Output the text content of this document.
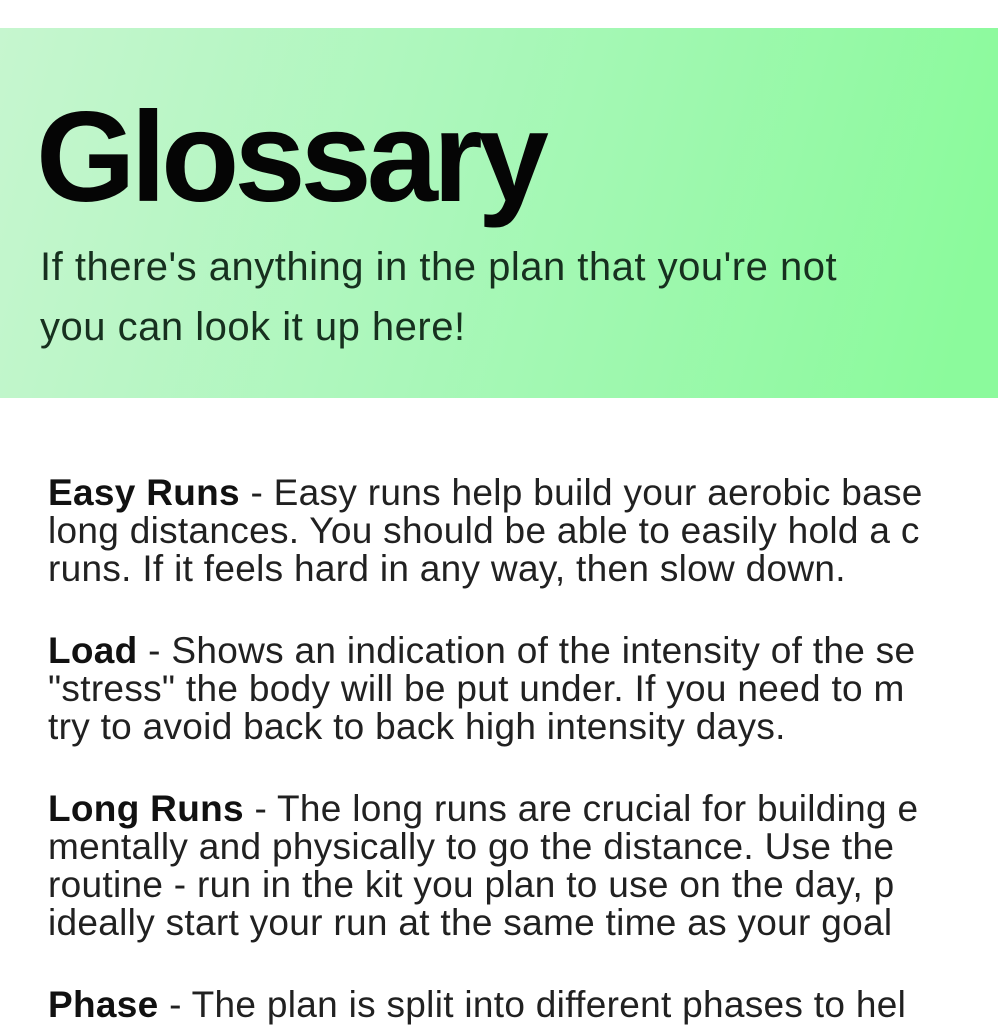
Glossary
If there's anything in the plan that you're not
you can look it up here!
Easy Runs - Easy runs help build your aerobic base
long distances. You should be able to easily hold a c
runs. If it feels hard in any way, then slow down.
Load - Shows an indication of the intensity of the se
"stress" the body will be put under. If you need to m
try to avoid back to back high intensity days.
Long Runs - The long runs are crucial for building e
mentally and physically to go the distance. Use the
routine - run in the kit you plan to use on the day, p
ideally start your run at the same time as your goal
Phase - The plan is split into different phases to hel
